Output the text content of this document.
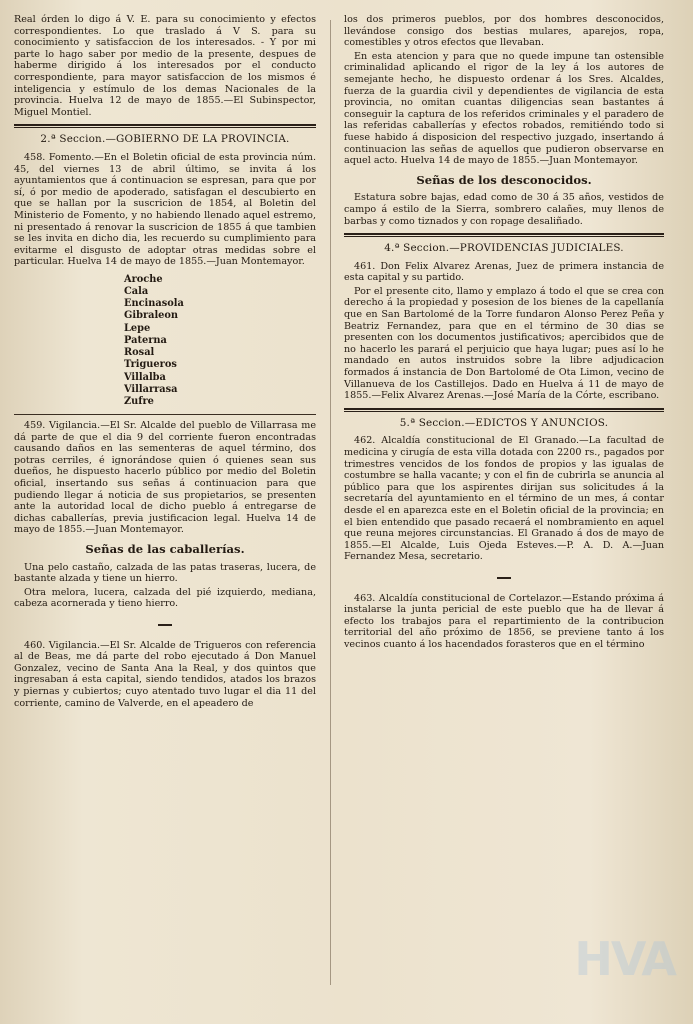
Real órden lo digo á V. E. para su conocimiento y efectos correspondientes. Lo que traslado á V S. para su conocimiento y satisfaccion de los interesados. - Y por mi parte lo hago saber por medio de la presente, despues de haberme dirigido á los interesados por el conducto correspondiente, para mayor satisfaccion de los mismos é inteligencia y estímulo de los demas Nacionales de la provincia. Huelva 12 de mayo de 1855.—El Subinspector, Miguel Montiel.

2.ª Seccion.—GOBIERNO DE LA PROVINCIA.

458. Fomento.—En el Boletin oficial de esta provincia núm. 45, del viernes 13 de abril último, se invita á los ayuntamientos que á continuacion se espresan, para que por sí, ó por medio de apoderado, satisfagan el descubierto en que se hallan por la suscricion de 1854, al Boletin del Ministerio de Fomento, y no habiendo llenado aquel estremo, ni presentado á renovar la suscricion de 1855 á que tambien se les invita en dicho dia, les recuerdo su cumplimiento para evitarme el disgusto de adoptar otras medidas sobre el particular. Huelva 14 de mayo de 1855.—Juan Montemayor.

Aroche
Cala
Encinasola
Gibraleon
Lepe
Paterna
Rosal
Trigueros
Villalba
Villarrasa
Zufre

459. Vigilancia.—El Sr. Alcalde del pueblo de Villarrasa me dá parte de que el dia 9 del corriente fueron encontradas causando daños en las sementeras de aquel término, dos potras cerriles, é ignorándose quien ó quienes sean sus dueños, he dispuesto hacerlo público por medio del Boletin oficial, insertando sus señas á continuacion para que pudiendo llegar á noticia de sus propietarios, se presenten ante la autoridad local de dicho pueblo á entregarse de dichas caballerías, previa justificacion legal. Huelva 14 de mayo de 1855.—Juan Montemayor.

Señas de las caballerías.

Una pelo castaño, calzada de las patas traseras, lucera, de bastante alzada y tiene un hierro.

Otra melora, lucera, calzada del pié izquierdo, mediana, cabeza acornerada y tieno hierro.

460. Vigilancia.—El Sr. Alcalde de Trigueros con referencia al de Beas, me dá parte del robo ejecutado á Don Manuel Gonzalez, vecino de Santa Ana la Real, y dos quintos que ingresaban á esta capital, siendo tendidos, atados los brazos y piernas y cubiertos; cuyo atentado tuvo lugar el dia 11 del corriente, camino de Valverde, en el apeadero de

los dos primeros pueblos, por dos hombres desconocidos, llevándose consigo dos bestias mulares, aparejos, ropa, comestibles y otros efectos que llevaban.

En esta atencion y para que no quede impune tan ostensible criminalidad aplicando el rigor de la ley á los autores de semejante hecho, he dispuesto ordenar á los Sres. Alcaldes, fuerza de la guardia civil y dependientes de vigilancia de esta provincia, no omitan cuantas diligencias sean bastantes á conseguir la captura de los referidos criminales y el paradero de las referidas caballerías y efectos robados, remitiéndo todo si fuese habido á disposicion del respectivo juzgado, insertando á continuacion las señas de aquellos que pudieron observarse en aquel acto. Huelva 14 de mayo de 1855.—Juan Montemayor.

Señas de los desconocidos.

Estatura sobre bajas, edad como de 30 á 35 años, vestidos de campo á estilo de la Sierra, sombrero calañes, muy llenos de barbas y como tiznados y con ropage desaliñado.

4.ª Seccion.—PROVIDENCIAS JUDICIALES.

461. Don Felix Alvarez Arenas, Juez de primera instancia de esta capital y su partido.

Por el presente cito, llamo y emplazo á todo el que se crea con derecho á la propiedad y posesion de los bienes de la capellanía que en San Bartolomé de la Torre fundaron Alonso Perez Peña y Beatriz Fernandez, para que en el término de 30 dias se presenten con los documentos justificativos; apercibidos que de no hacerlo les parará el perjuicio que haya lugar; pues así lo he mandado en autos instruidos sobre la libre adjudicacion formados á instancia de Don Bartolomé de Ota Limon, vecino de Villanueva de los Castillejos. Dado en Huelva á 11 de mayo de 1855.—Felix Alvarez Arenas.—José María de la Córte, escribano.

5.ª Seccion.—EDICTOS Y ANUNCIOS.

462. Alcaldía constitucional de El Granado.—La facultad de medicina y cirugía de esta villa dotada con 2200 rs., pagados por trimestres vencidos de los fondos de propios y las igualas de costumbre se halla vacante; y con el fin de cubrirla se anuncia al público para que los aspirentes dirijan sus solicitudes á la secretaría del ayuntamiento en el término de un mes, á contar desde el en aparezca este en el Boletin oficial de la provincia; en el bien entendido que pasado recaerá el nombramiento en aquel que reuna mejores circunstancias. El Granado á dos de mayo de 1855.—El Alcalde, Luis Ojeda Esteves.—P. A. D. A.—Juan Fernandez Mesa, secretario.

463. Alcaldía constitucional de Cortelazor.—Estando próxima á instalarse la junta pericial de este pueblo que ha de llevar á efecto los trabajos para el repartimiento de la contribucion territorial del año próximo de 1856, se previene tanto á los vecinos cuanto á los hacendados forasteros que en el término

HVA
